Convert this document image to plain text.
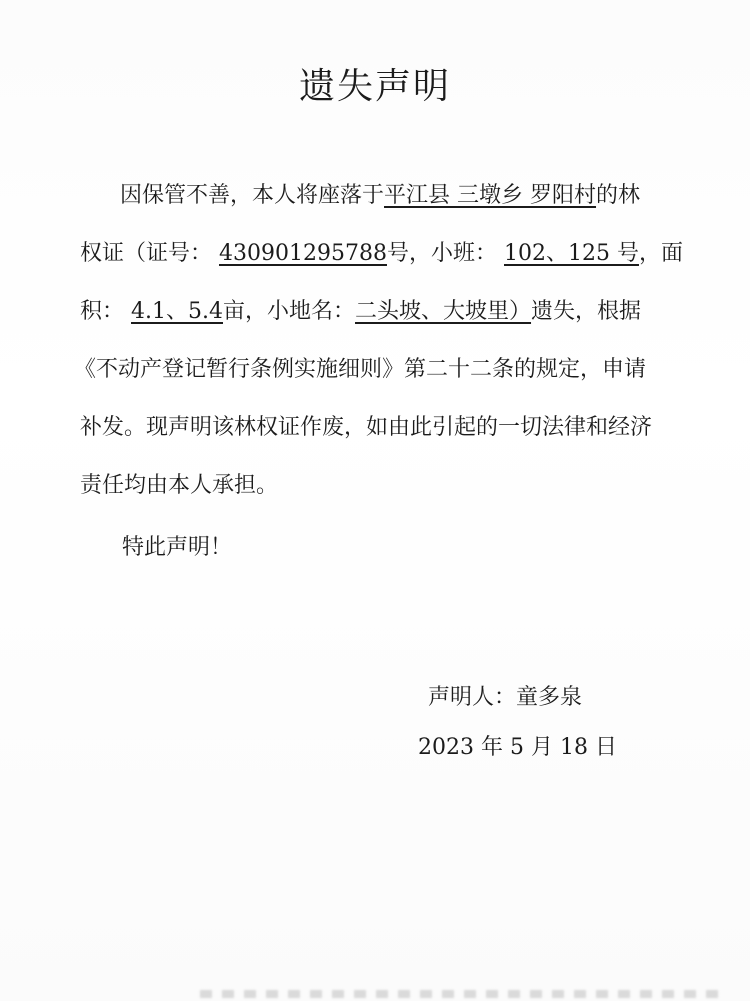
遗失声明
因保管不善，本人将座落于平江县 三墩乡 罗阳村的林
权证（证号： 430901295788号，小班： 102、125 号，面
积： 4.1、5.4亩，小地名：二头坡、大坡里）遗失，根据
《不动产登记暂行条例实施细则》第二十二条的规定，申请
补发。现声明该林权证作废，如由此引起的一切法律和经济
责任均由本人承担。
特此声明！
声明人：童多泉
2023 年 5 月 18 日
